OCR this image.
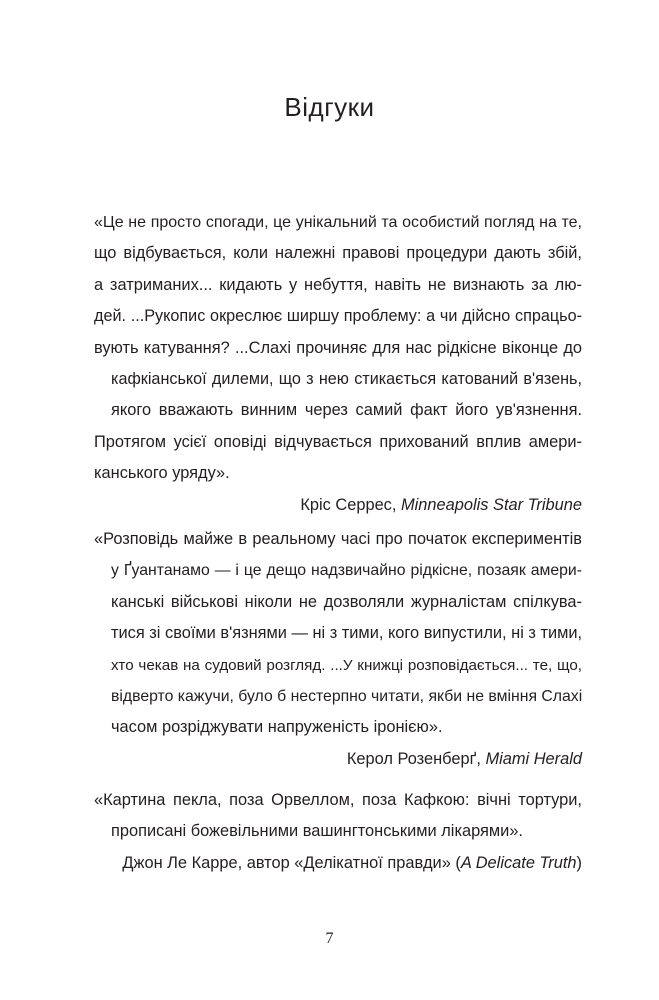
Відгуки
«Це не просто спогади, це унікальний та особистий погляд на те,
що відбувається, коли належні правові процедури дають збій,
а затриманих... кидають у небуття, навіть не визнають за лю-
дей. ...Рукопис окреслює ширшу проблему: а чи дійсно спрацьо-
вують катування? ...Слахі прочиняє для нас рідкісне віконце до
кафкіанської дилеми, що з нею стикається катований в'язень,
якого вважають винним через самий факт його ув'язнення.
Протягом усієї оповіді відчувається прихований вплив амери-
канського уряду».
Кріс Серрес, Minneapolis Star Tribune
«Розповідь майже в реальному часі про початок експериментів
у Ґуантанамо — і це дещо надзвичайно рідкісне, позаяк амери-
канські військові ніколи не дозволяли журналістам спілкува-
тися зі своїми в'язнями — ні з тими, кого випустили, ні з тими,
хто чекав на судовий розгляд. ...У книжці розповідається... те, що,
відверто кажучи, було б нестерпно читати, якби не вміння Слахі
часом розріджувати напруженість іронією».
Керол Розенберґ, Miami Herald
«Картина пекла, поза Орвеллом, поза Кафкою: вічні тортури,
прописані божевільними вашингтонськими лікарями».
Джон Ле Карре, автор «Делікатної правди» (A Delicate Truth)
7
